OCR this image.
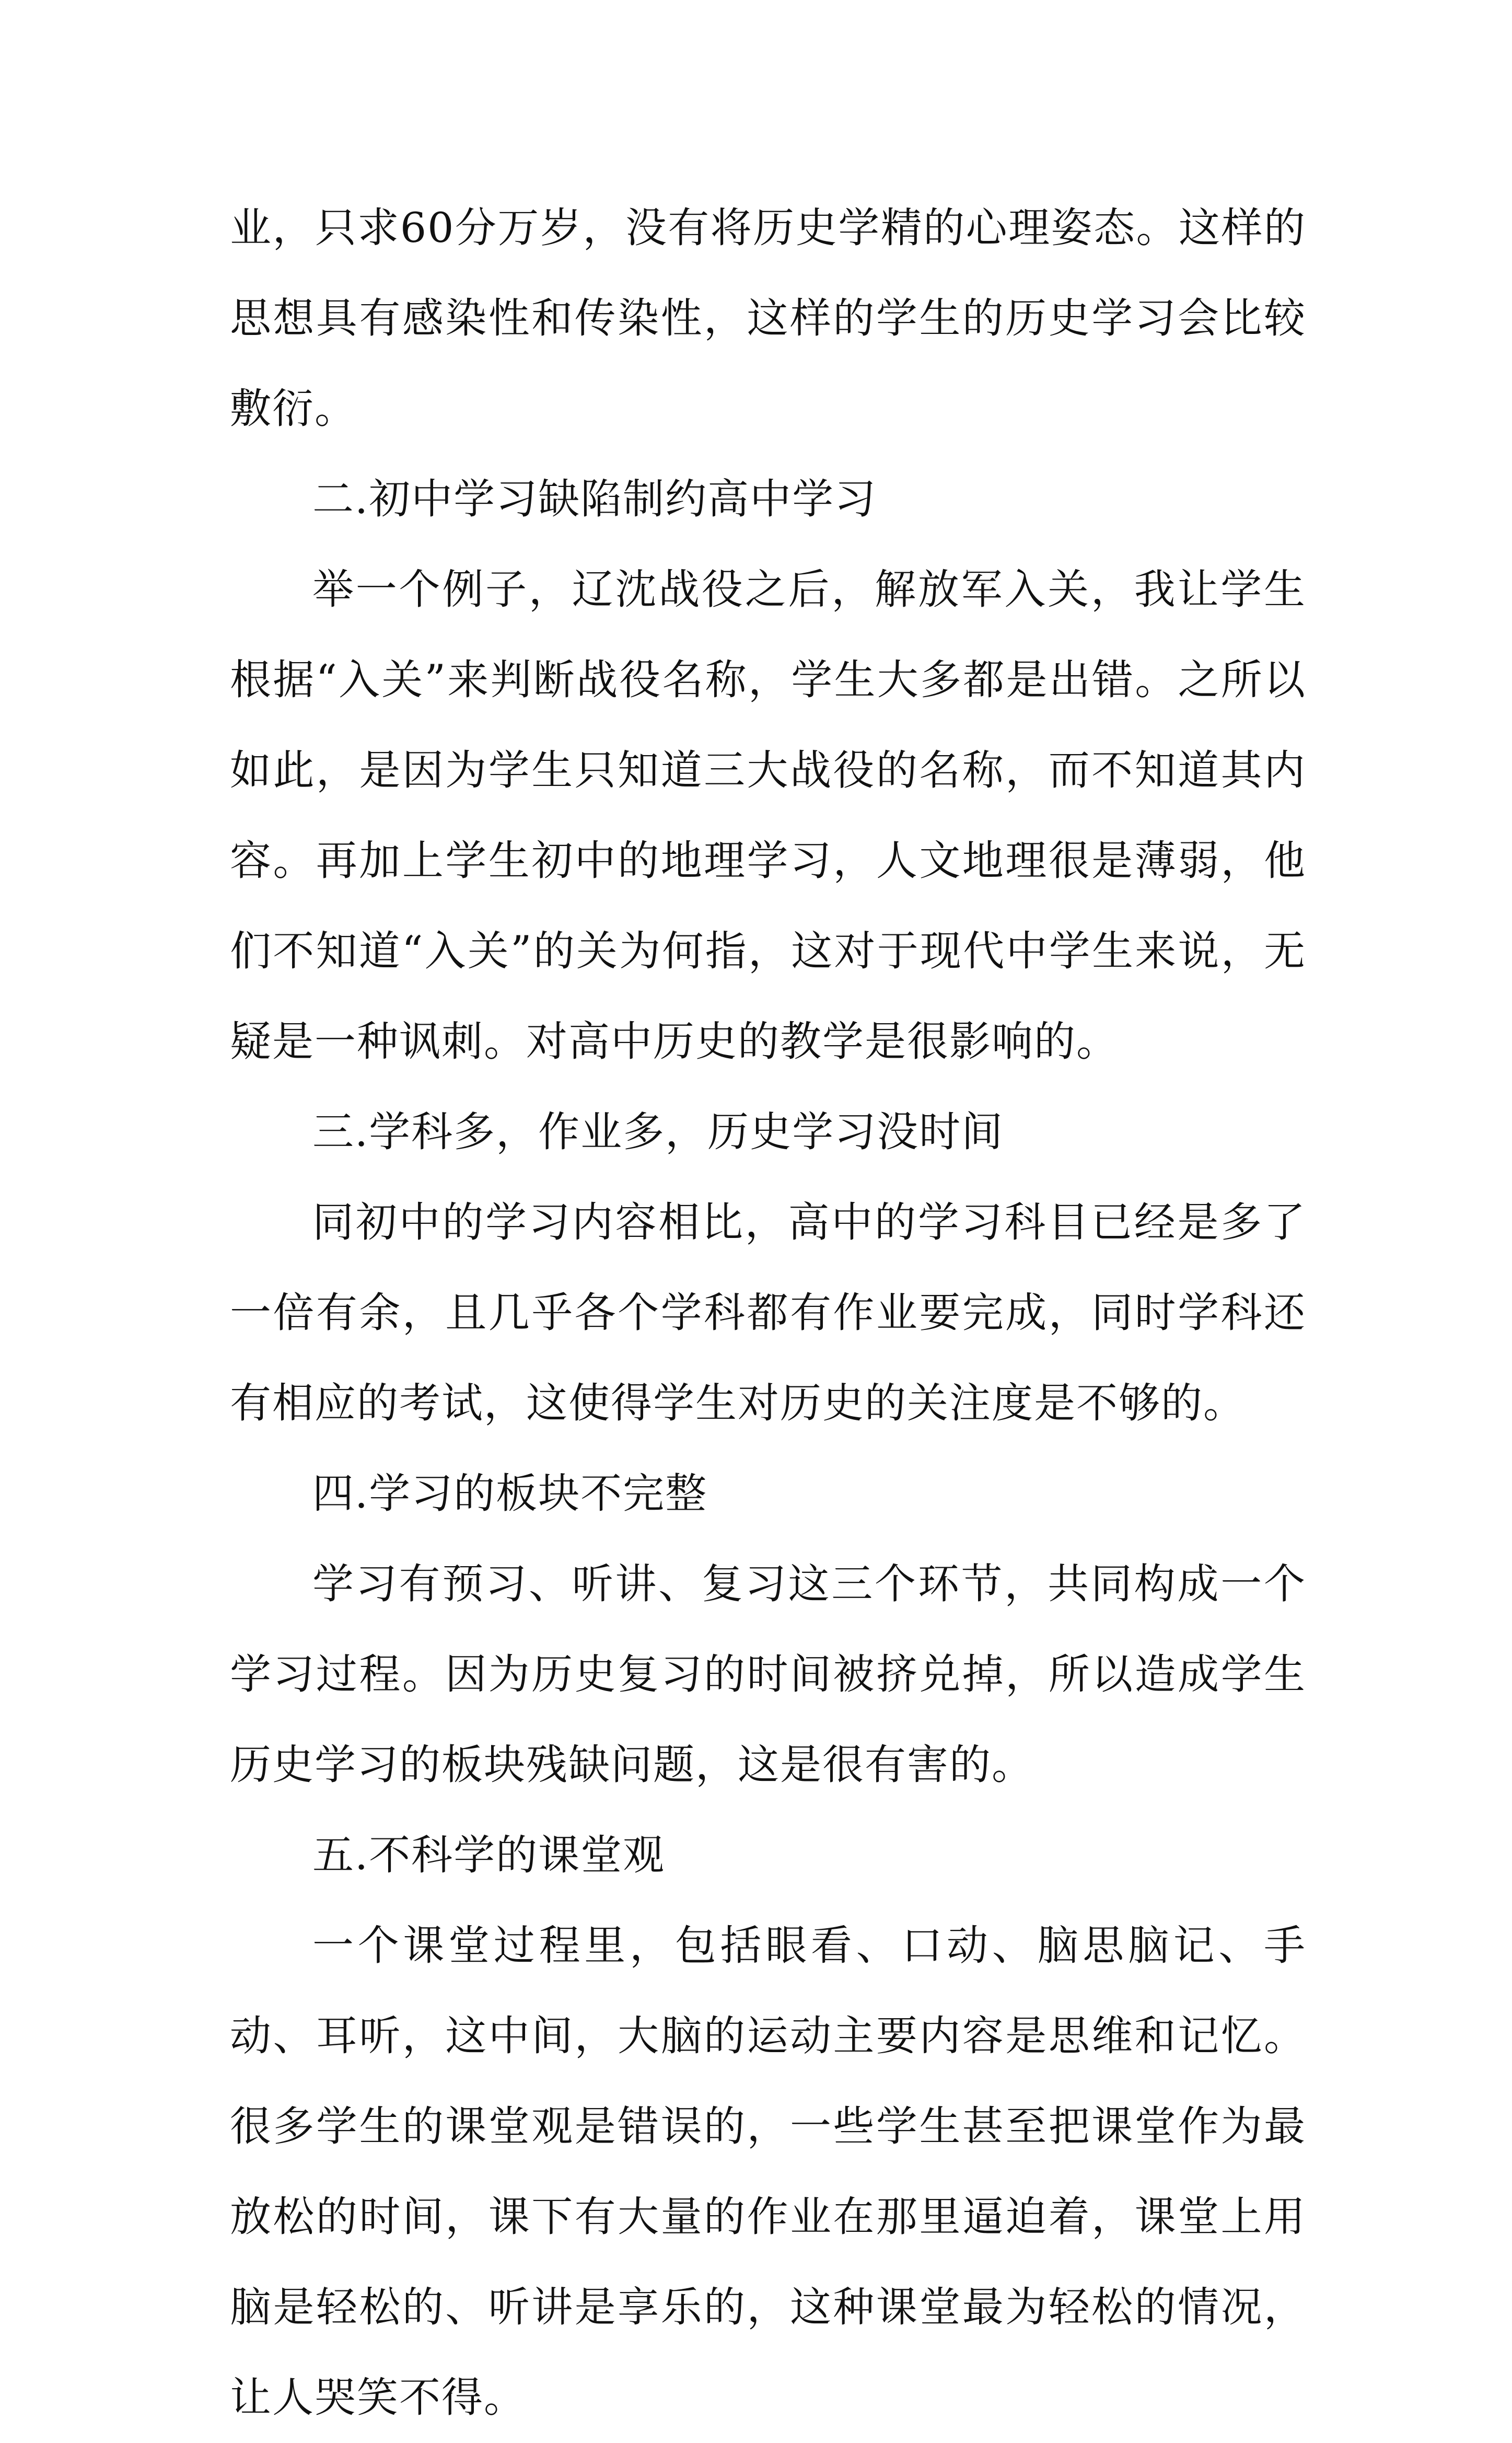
业，只求60分万岁，没有将历史学精的心理姿态。这样的思想具有感染性和传染性，这样的学生的历史学习会比较敷衍。

二.初中学习缺陷制约高中学习

举一个例子，辽沈战役之后，解放军入关，我让学生根据“入关”来判断战役名称，学生大多都是出错。之所以如此，是因为学生只知道三大战役的名称，而不知道其内容。再加上学生初中的地理学习，人文地理很是薄弱，他们不知道“入关”的关为何指，这对于现代中学生来说，无疑是一种讽刺。对高中历史的教学是很影响的。

三.学科多，作业多，历史学习没时间

同初中的学习内容相比，高中的学习科目已经是多了一倍有余，且几乎各个学科都有作业要完成，同时学科还有相应的考试，这使得学生对历史的关注度是不够的。

四.学习的板块不完整

学习有预习、听讲、复习这三个环节，共同构成一个学习过程。因为历史复习的时间被挤兑掉，所以造成学生历史学习的板块残缺问题，这是很有害的。

五.不科学的课堂观

一个课堂过程里，包括眼看、口动、脑思脑记、手动、耳听，这中间，大脑的运动主要内容是思维和记忆。很多学生的课堂观是错误的，一些学生甚至把课堂作为最放松的时间，课下有大量的作业在那里逼迫着，课堂上用脑是轻松的、听讲是享乐的，这种课堂最为轻松的情况，让人哭笑不得。
